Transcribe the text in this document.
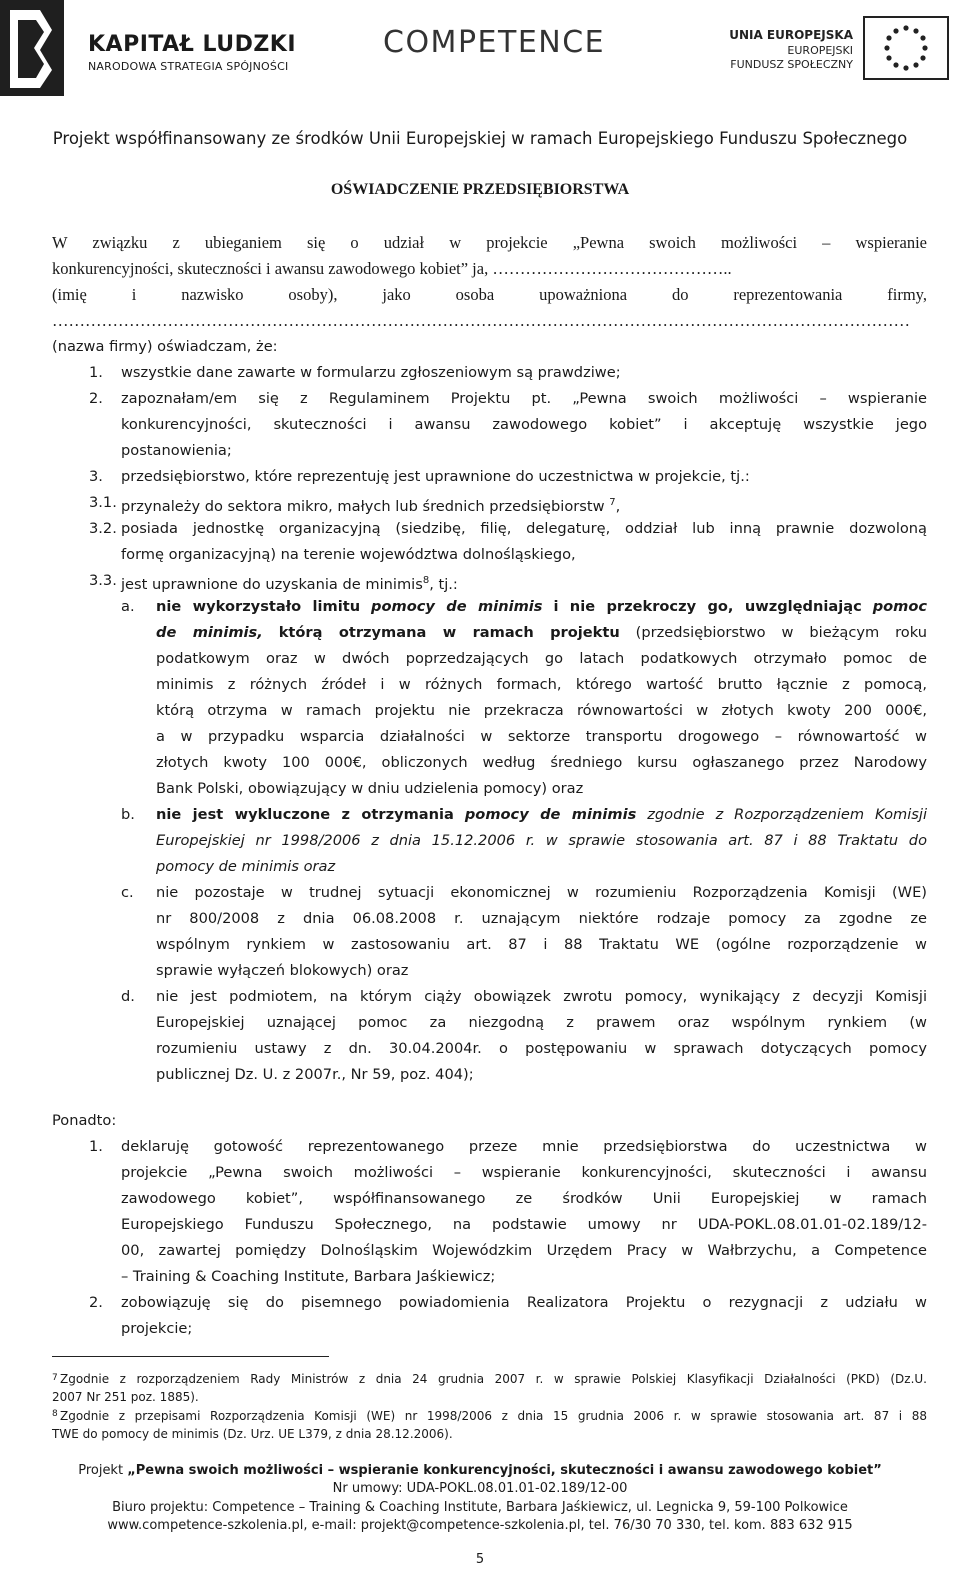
KAPITAŁ LUDZKI
NARODOWA STRATEGIA SPÓJNOŚCI
COMPETENCE	UNIA EUROPEJSKA
EUROPEJSKI
FUNDUSZ SPOŁECZNY
Projekt współfinansowany ze środków Unii Europejskiej w ramach Europejskiego Funduszu Społecznego
OŚWIADCZENIE PRZEDSIĘBIORSTWA
W związku z ubieganiem się o udział w projekcie „Pewna swoich możliwości – wspieranie
konkurencyjności, skuteczności i awansu zawodowego kobiet” ja, ……………………………………..
(imię i nazwisko osoby), jako osoba upoważniona do reprezentowania firmy,
…………………………………………………………………………………………………………………………………………
(nazwa firmy) oświadczam, że:
1. wszystkie dane zawarte w formularzu zgłoszeniowym są prawdziwe;
2. zapoznałam/em się z Regulaminem Projektu pt. „Pewna swoich możliwości – wspieranie
konkurencyjności, skuteczności i awansu zawodowego kobiet” i akceptuję wszystkie jego
postanowienia;
3. przedsiębiorstwo, które reprezentuję jest uprawnione do uczestnictwa w projekcie, tj.:
3.1. przynależy do sektora mikro, małych lub średnich przedsiębiorstw $^7$,
3.2. posiada jednostkę organizacyjną (siedzibę, filię, delegaturę, oddział lub inną prawnie dozwoloną
formę organizacyjną) na terenie województwa dolnośląskiego,
3.3. jest uprawnione do uzyskania de minimis$^8$, tj.:
a. nie wykorzystało limitu pomocy de minimis i nie przekroczy go, uwzględniając pomoc
de minimis, którą otrzymana w ramach projektu (przedsiębiorstwo w bieżącym roku
podatkowym oraz w dwóch poprzedzających go latach podatkowych otrzymało pomoc de
minimis z różnych źródeł i w różnych formach, którego wartość brutto łącznie z pomocą,
którą otrzyma w ramach projektu nie przekracza równowartości w złotych kwoty 200 000€,
a w przypadku wsparcia działalności w sektorze transportu drogowego – równowartość w
złotych kwoty 100 000€, obliczonych według średniego kursu ogłaszanego przez Narodowy
Bank Polski, obowiązujący w dniu udzielenia pomocy) oraz
b. nie jest wykluczone z otrzymania pomocy de minimis zgodnie z Rozporządzeniem Komisji
Europejskiej nr 1998/2006 z dnia 15.12.2006 r. w sprawie stosowania art. 87 i 88 Traktatu do
pomocy de minimis oraz
c. nie pozostaje w trudnej sytuacji ekonomicznej w rozumieniu Rozporządzenia Komisji (WE)
nr 800/2008 z dnia 06.08.2008 r. uznającym niektóre rodzaje pomocy za zgodne ze
wspólnym rynkiem w zastosowaniu art. 87 i 88 Traktatu WE (ogólne rozporządzenie w
sprawie wyłączeń blokowych) oraz
d. nie jest podmiotem, na którym ciąży obowiązek zwrotu pomocy, wynikający z decyzji Komisji
Europejskiej uznającej pomoc za niezgodną z prawem oraz wspólnym rynkiem (w
rozumieniu ustawy z dn. 30.04.2004r. o postępowaniu w sprawach dotyczących pomocy
publicznej Dz. U. z 2007r., Nr 59, poz. 404);
Ponadto:
1. deklaruję gotowość reprezentowanego przeze mnie przedsiębiorstwa do uczestnictwa w
projekcie „Pewna swoich możliwości – wspieranie konkurencyjności, skuteczności i awansu
zawodowego kobiet”, współfinansowanego ze środków Unii Europejskiej w ramach
Europejskiego Funduszu Społecznego, na podstawie umowy nr UDA-POKL.08.01.01-02.189/12-
00, zawartej pomiędzy Dolnośląskim Wojewódzkim Urzędem Pracy w Wałbrzychu, a Competence
– Training & Coaching Institute, Barbara Jaśkiewicz;
2. zobowiązuję się do pisemnego powiadomienia Realizatora Projektu o rezygnacji z udziału w
projekcie;
$^7$ Zgodnie z rozporządzeniem Rady Ministrów z dnia 24 grudnia 2007 r. w sprawie Polskiej Klasyfikacji Działalności (PKD) (Dz.U.
2007 Nr 251 poz. 1885).
$^8$ Zgodnie z przepisami Rozporządzenia Komisji (WE) nr 1998/2006 z dnia 15 grudnia 2006 r. w sprawie stosowania art. 87 i 88
TWE do pomocy de minimis (Dz. Urz. UE L379, z dnia 28.12.2006).
Projekt „Pewna swoich możliwości – wspieranie konkurencyjności, skuteczności i awansu zawodowego kobiet”
Nr umowy: UDA-POKL.08.01.01-02.189/12-00
Biuro projektu: Competence – Training & Coaching Institute, Barbara Jaśkiewicz, ul. Legnicka 9, 59-100 Polkowice
www.competence-szkolenia.pl, e-mail: projekt@competence-szkolenia.pl, tel. 76/30 70 330, tel. kom. 883 632 915
5
